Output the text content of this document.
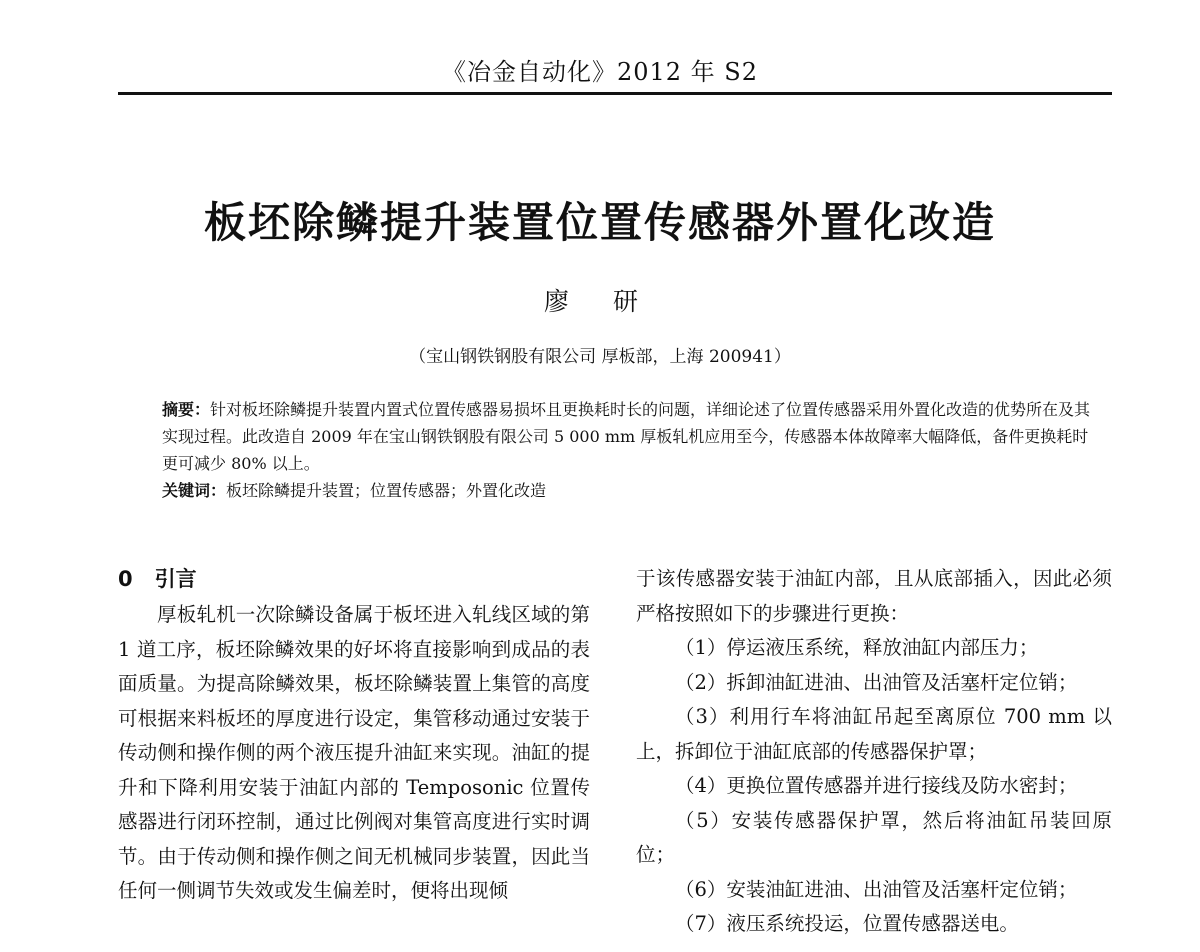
《冶金自动化》2012 年 S2
板坯除鳞提升装置位置传感器外置化改造
廖 研
（宝山钢铁钢股有限公司 厚板部，上海 200941）

摘要：针对板坯除鳞提升装置内置式位置传感器易损坏且更换耗时长的问题，详细论述了位置传感器采用外置化改造的优势所在及其实现过程。此改造自 2009 年在宝山钢铁钢股有限公司 5 000 mm 厚板轧机应用至今，传感器本体故障率大幅降低，备件更换耗时更可减少 80% 以上。

关键词：板坯除鳞提升装置；位置传感器；外置化改造

0 引言

厚板轧机一次除鳞设备属于板坯进入轧线区域的第 1 道工序，板坯除鳞效果的好坏将直接影响到成品的表面质量。为提高除鳞效果，板坯除鳞装置上集管的高度可根据来料板坯的厚度进行设定，集管移动通过安装于传动侧和操作侧的两个液压提升油缸来实现。油缸的提升和下降利用安装于油缸内部的 Temposonic 位置传感器进行闭环控制，通过比例阀对集管高度进行实时调节。由于传动侧和操作侧之间无机械同步装置，因此当任何一侧调节失效或发生偏差时，便将出现倾

于该传感器安装于油缸内部，且从底部插入，因此必须严格按照如下的步骤进行更换：

（1）停运液压系统，释放油缸内部压力；

（2）拆卸油缸进油、出油管及活塞杆定位销；

（3）利用行车将油缸吊起至离原位 700 mm 以上，拆卸位于油缸底部的传感器保护罩；

（4）更换位置传感器并进行接线及防水密封；

（5）安装传感器保护罩，然后将油缸吊装回原位；

（6）安装油缸进油、出油管及活塞杆定位销；

（7）液压系统投运，位置传感器送电。
